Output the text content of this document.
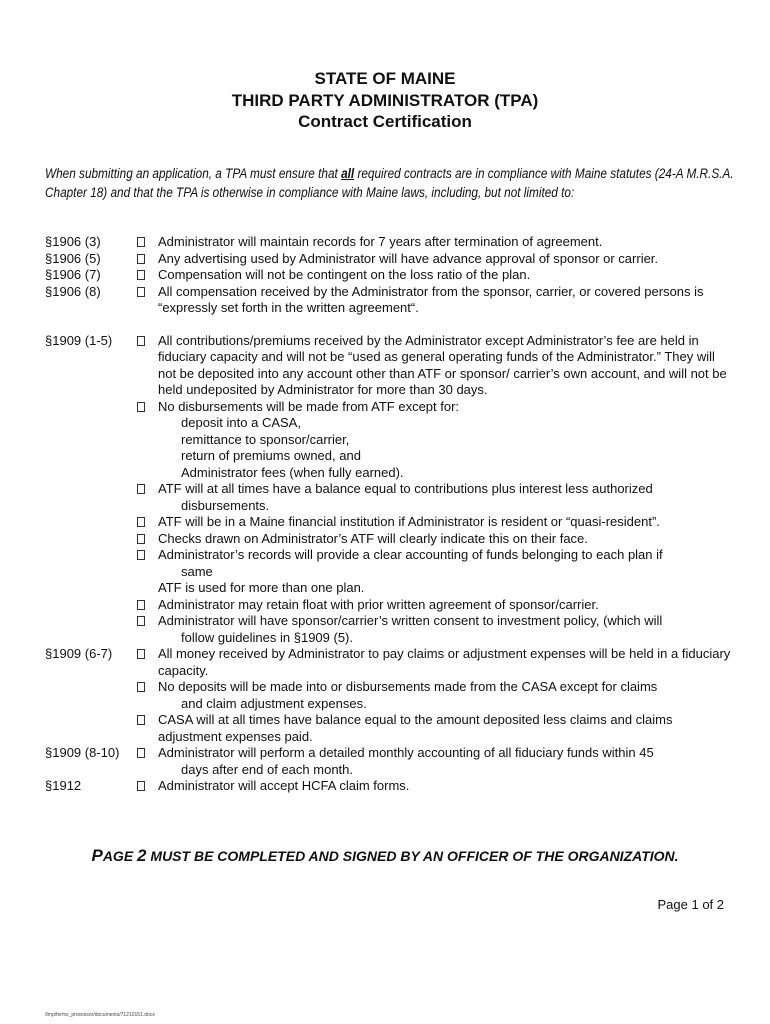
STATE OF MAINE
THIRD PARTY ADMINISTRATOR (TPA)
Contract Certification
When submitting an application, a TPA must ensure that all required contracts are in compliance with Maine statutes (24-A M.R.S.A. Chapter 18) and that the TPA is otherwise in compliance with Maine laws, including, but not limited to:
§1906 (3)	Administrator will maintain records for 7 years after termination of agreement.
§1906 (5)	Any advertising used by Administrator will have advance approval of sponsor or carrier.
§1906 (7)	Compensation will not be contingent on the loss ratio of the plan.
§1906 (8)	All compensation received by the Administrator from the sponsor, carrier, or covered persons is “expressly set forth in the written agreement“.
§1909 (1-5)	All contributions/premiums received by the Administrator except Administrator’s fee are held in fiduciary capacity and will not be “used as general operating funds of the Administrator.” They will not be deposited into any account other than ATF or sponsor/ carrier’s own account, and will not be held undeposited by Administrator for more than 30 days.
No disbursements will be made from ATF except for:
deposit into a CASA,
remittance to sponsor/carrier,
return of premiums owned, and
Administrator fees (when fully earned).
ATF will at all times have a balance equal to contributions plus interest less authorized
disbursements.
ATF will be in a Maine financial institution if Administrator is resident or “quasi-resident”.
Checks drawn on Administrator’s ATF will clearly indicate this on their face.
Administrator’s records will provide a clear accounting of funds belonging to each plan if
same
ATF is used for more than one plan.
Administrator may retain float with prior written agreement of sponsor/carrier.
Administrator will have sponsor/carrier’s written consent to investment policy, (which will
follow guidelines in §1909 (5).
§1909 (6-7)	All money received by Administrator to pay claims or adjustment expenses will be held in a fiduciary capacity.
No deposits will be made into or disbursements made from the CASA except for claims
and claim adjustment expenses.
CASA will at all times have balance equal to the amount deposited less claims and claims adjustment expenses paid.
§1909 (8-10)	Administrator will perform a detailed monthly accounting of all fiduciary funds within 45
days after end of each month.
§1912	Administrator will accept HCFA claim forms.
PAGE 2 MUST BE COMPLETED AND SIGNED BY AN OFFICER OF THE ORGANIZATION.
Page 1 of 2
/tmp/forms_processor/documents/71210151.docx
